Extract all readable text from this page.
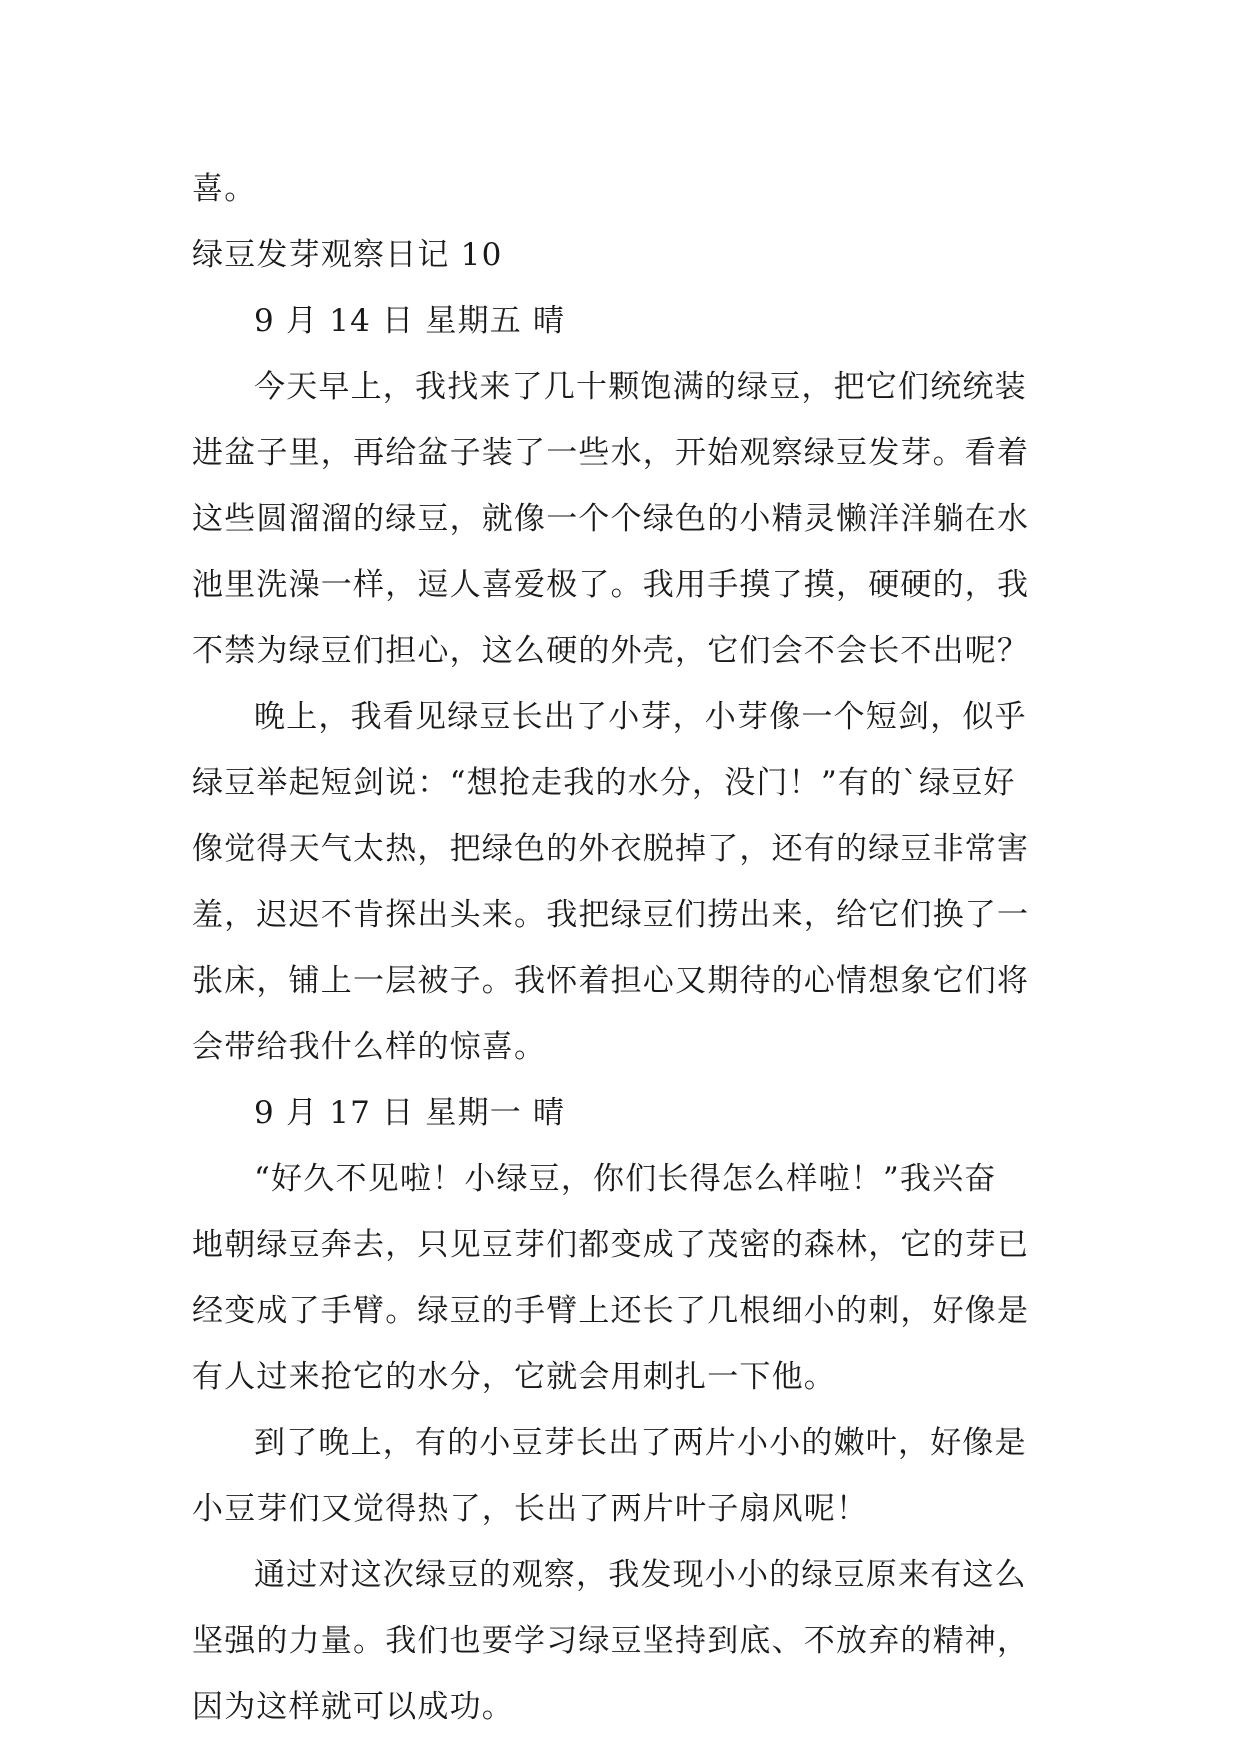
喜。
绿豆发芽观察日记 10
9 月 14 日 星期五 晴
今天早上，我找来了几十颗饱满的绿豆，把它们统统装
进盆子里，再给盆子装了一些水，开始观察绿豆发芽。看着
这些圆溜溜的绿豆，就像一个个绿色的小精灵懒洋洋躺在水
池里洗澡一样，逗人喜爱极了。我用手摸了摸，硬硬的，我
不禁为绿豆们担心，这么硬的外壳，它们会不会长不出呢？
晚上，我看见绿豆长出了小芽，小芽像一个短剑，似乎
绿豆举起短剑说：“想抢走我的水分，没门！”有的`绿豆好
像觉得天气太热，把绿色的外衣脱掉了，还有的绿豆非常害
羞，迟迟不肯探出头来。我把绿豆们捞出来，给它们换了一
张床，铺上一层被子。我怀着担心又期待的心情想象它们将
会带给我什么样的惊喜。
9 月 17 日 星期一 晴
“好久不见啦！小绿豆，你们长得怎么样啦！”我兴奋
地朝绿豆奔去，只见豆芽们都变成了茂密的森林，它的芽已
经变成了手臂。绿豆的手臂上还长了几根细小的刺，好像是
有人过来抢它的水分，它就会用刺扎一下他。
到了晚上，有的小豆芽长出了两片小小的嫩叶，好像是
小豆芽们又觉得热了，长出了两片叶子扇风呢！
通过对这次绿豆的观察，我发现小小的绿豆原来有这么
坚强的力量。我们也要学习绿豆坚持到底、不放弃的精神，
因为这样就可以成功。
